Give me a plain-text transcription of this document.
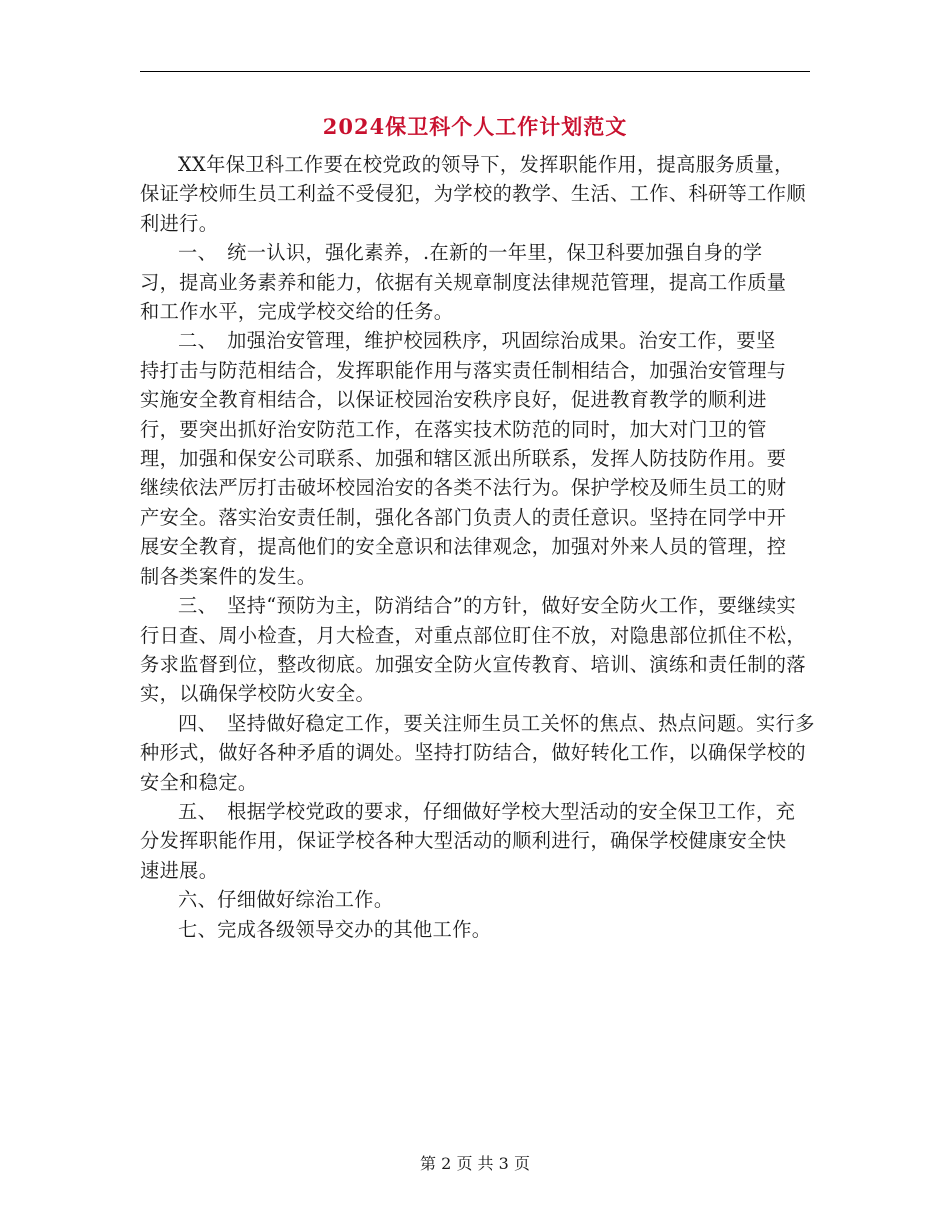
2024保卫科个人工作计划范文

XX年保卫科工作要在校党政的领导下，发挥职能作用，提高服务质量，保证学校师生员工利益不受侵犯，为学校的教学、生活、工作、科研等工作顺利进行。

一、　统一认识，强化素养，.在新的一年里，保卫科要加强自身的学习，提高业务素养和能力，依据有关规章制度法律规范管理，提高工作质量和工作水平，完成学校交给的任务。

二、　加强治安管理，维护校园秩序，巩固综治成果。治安工作，要坚持打击与防范相结合，发挥职能作用与落实责任制相结合，加强治安管理与实施安全教育相结合，以保证校园治安秩序良好，促进教育教学的顺利进行，要突出抓好治安防范工作，在落实技术防范的同时，加大对门卫的管理，加强和保安公司联系、加强和辖区派出所联系，发挥人防技防作用。要继续依法严厉打击破坏校园治安的各类不法行为。保护学校及师生员工的财产安全。落实治安责任制，强化各部门负责人的责任意识。坚持在同学中开展安全教育，提高他们的安全意识和法律观念，加强对外来人员的管理，控制各类案件的发生。

三、　坚持“预防为主，防消结合”的方针，做好安全防火工作，要继续实行日查、周小检查，月大检查，对重点部位盯住不放，对隐患部位抓住不松，务求监督到位，整改彻底。加强安全防火宣传教育、培训、演练和责任制的落实，以确保学校防火安全。

四、　坚持做好稳定工作，要关注师生员工关怀的焦点、热点问题。实行多种形式，做好各种矛盾的调处。坚持打防结合，做好转化工作，以确保学校的安全和稳定。

五、　根据学校党政的要求，仔细做好学校大型活动的安全保卫工作，充分发挥职能作用，保证学校各种大型活动的顺利进行，确保学校健康安全快速进展。

六、仔细做好综治工作。

七、完成各级领导交办的其他工作。

第 2 页 共 3 页
